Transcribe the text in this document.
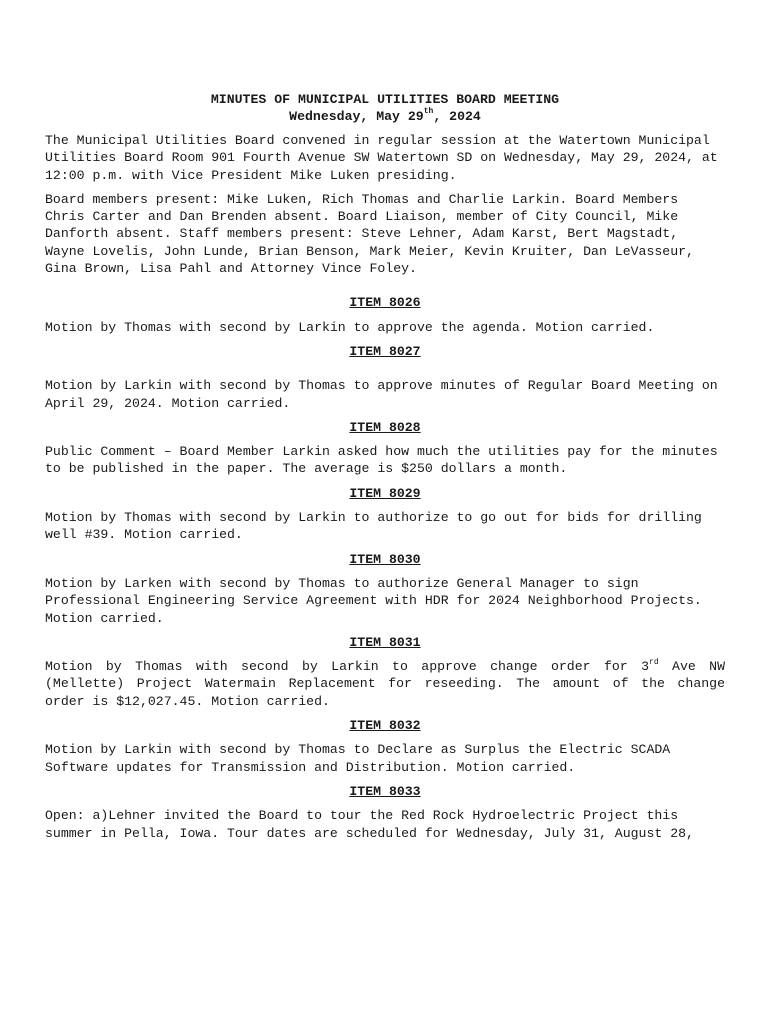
MINUTES OF MUNICIPAL UTILITIES BOARD MEETING
Wednesday, May 29th, 2024

The Municipal Utilities Board convened in regular session at the Watertown Municipal Utilities Board Room 901 Fourth Avenue SW Watertown SD on Wednesday, May 29, 2024, at 12:00 p.m. with Vice President Mike Luken presiding.

Board members present: Mike Luken, Rich Thomas and Charlie Larkin. Board Members Chris Carter and Dan Brenden absent. Board Liaison, member of City Council, Mike Danforth absent. Staff members present: Steve Lehner, Adam Karst, Bert Magstadt, Wayne Lovelis, John Lunde, Brian Benson, Mark Meier, Kevin Kruiter, Dan LeVasseur, Gina Brown, Lisa Pahl and Attorney Vince Foley.

ITEM 8026

Motion by Thomas with second by Larkin to approve the agenda. Motion carried.

ITEM 8027

Motion by Larkin with second by Thomas to approve minutes of Regular Board Meeting on April 29, 2024. Motion carried.

ITEM 8028

Public Comment – Board Member Larkin asked how much the utilities pay for the minutes to be published in the paper. The average is $250 dollars a month.

ITEM 8029

Motion by Thomas with second by Larkin to authorize to go out for bids for drilling well #39. Motion carried.

ITEM 8030

Motion by Larken with second by Thomas to authorize General Manager to sign Professional Engineering Service Agreement with HDR for 2024 Neighborhood Projects. Motion carried.

ITEM 8031

Motion by Thomas with second by Larkin to approve change order for 3rd Ave NW (Mellette) Project Watermain Replacement for reseeding. The amount of the change order is $12,027.45. Motion carried.

ITEM 8032

Motion by Larkin with second by Thomas to Declare as Surplus the Electric SCADA Software updates for Transmission and Distribution. Motion carried.

ITEM 8033

Open: a)Lehner invited the Board to tour the Red Rock Hydroelectric Project this summer in Pella, Iowa. Tour dates are scheduled for Wednesday, July 31, August 28,
